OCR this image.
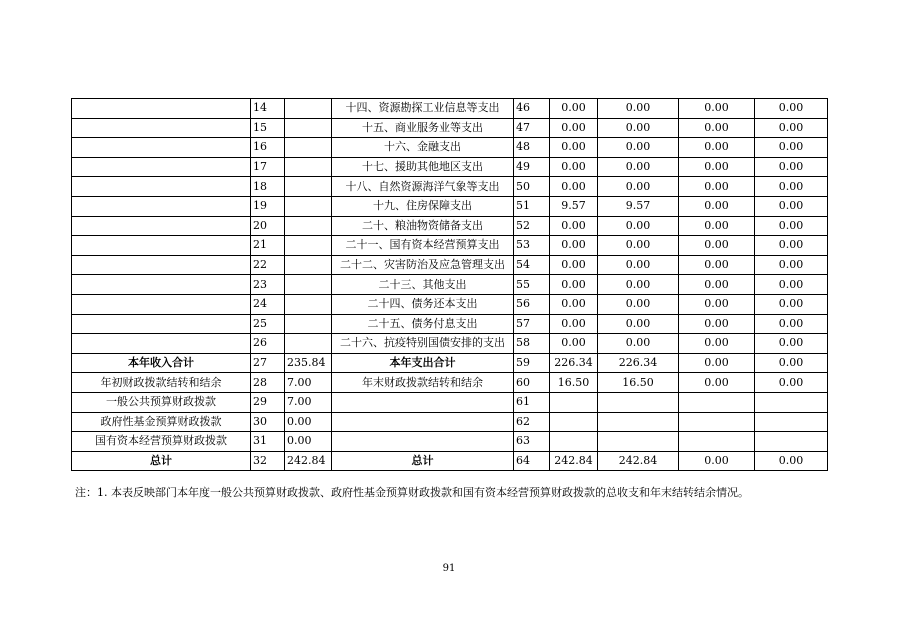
	14		十四、资源勘探工业信息等支出	46	0.00	0.00	0.00	0.00
	15		十五、商业服务业等支出	47	0.00	0.00	0.00	0.00
	16		十六、金融支出	48	0.00	0.00	0.00	0.00
	17		十七、援助其他地区支出	49	0.00	0.00	0.00	0.00
	18		十八、自然资源海洋气象等支出	50	0.00	0.00	0.00	0.00
	19		十九、住房保障支出	51	9.57	9.57	0.00	0.00
	20		二十、粮油物资储备支出	52	0.00	0.00	0.00	0.00
	21		二十一、国有资本经营预算支出	53	0.00	0.00	0.00	0.00
	22		二十二、灾害防治及应急管理支出	54	0.00	0.00	0.00	0.00
	23		二十三、其他支出	55	0.00	0.00	0.00	0.00
	24		二十四、债务还本支出	56	0.00	0.00	0.00	0.00
	25		二十五、债务付息支出	57	0.00	0.00	0.00	0.00
	26		二十六、抗疫特别国债安排的支出	58	0.00	0.00	0.00	0.00
本年收入合计	27	235.84	本年支出合计	59	226.34	226.34	0.00	0.00
年初财政拨款结转和结余	28	7.00	年末财政拨款结转和结余	60	16.50	16.50	0.00	0.00
一般公共预算财政拨款	29	7.00		61				
政府性基金预算财政拨款	30	0.00		62				
国有资本经营预算财政拨款	31	0.00		63				
总计	32	242.84	总计	64	242.84	242.84	0.00	0.00
注：1. 本表反映部门本年度一般公共预算财政拨款、政府性基金预算财政拨款和国有资本经营预算财政拨款的总收支和年末结转结余情况。
91
